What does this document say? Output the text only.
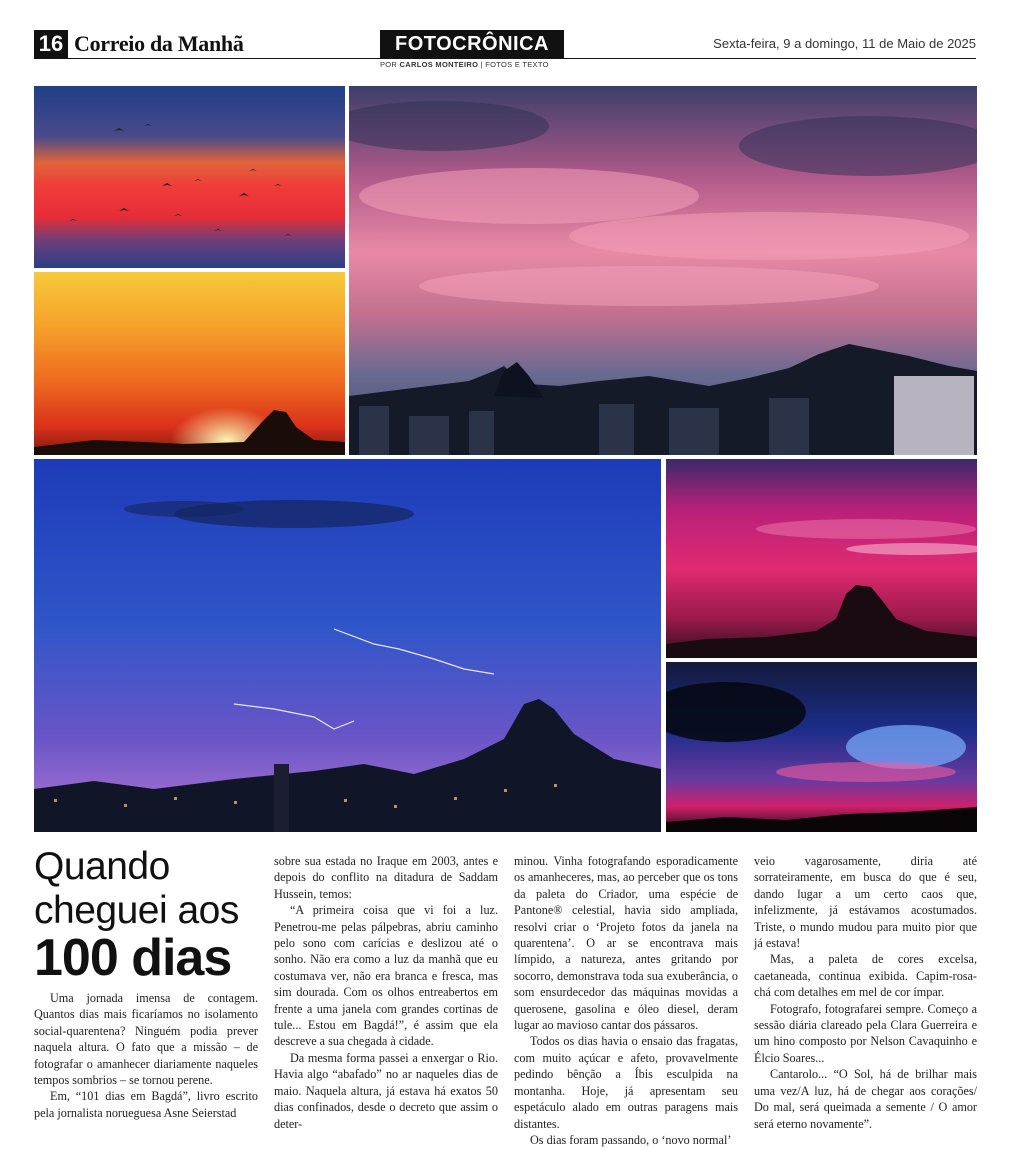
16 Correio da Manhã	FOTOCRÔNICA
POR CARLOS MONTEIRO | FOTOS E TEXTO
Sexta-feira, 9 a domingo, 11 de Maio de 2025
Quando
cheguei aos
100 dias

Uma jornada imensa de contagem. Quantos dias mais ficaríamos no isolamento social-quarentena? Ninguém podia prever naquela altura. O fato que a missão – de fotografar o amanhecer diariamente naqueles tempos sombrios – se tornou perene.

Em, “101 dias em Bagdá”, livro escrito pela jornalista norueguesa Asne Seierstad

sobre sua estada no Iraque em 2003, antes e depois do conflito na ditadura de Saddam Hussein, temos:

“A primeira coisa que vi foi a luz. Penetrou-me pelas pálpebras, abriu caminho pelo sono com carícias e deslizou até o sonho. Não era como a luz da manhã que eu costumava ver, não era branca e fresca, mas sim dourada. Com os olhos entreabertos em frente a uma janela com grandes cortinas de tule... Estou em Bagdá!”, é assim que ela descreve a sua chegada à cidade.

Da mesma forma passei a enxergar o Rio. Havia algo “abafado” no ar naqueles dias de maio. Naquela altura, já estava há exatos 50 dias confinados, desde o decreto que assim o deter-

minou. Vinha fotografando esporadicamente os amanheceres, mas, ao perceber que os tons da paleta do Criador, uma espécie de Pantone® celestial, havia sido ampliada, resolvi criar o ‘Projeto fotos da janela na quarentena’. O ar se encontrava mais límpido, a natureza, antes gritando por socorro, demonstrava toda sua exuberância, o som ensurdecedor das máquinas movidas a querosene, gasolina e óleo diesel, deram lugar ao mavioso cantar dos pássaros.

Todos os dias havia o ensaio das fragatas, com muito açúcar e afeto, provavelmente pedindo bênção a Íbis esculpida na montanha. Hoje, já apresentam seu espetáculo alado em outras paragens mais distantes.

Os dias foram passando, o ‘novo normal’

veio vagarosamente, diria até sorrateiramente, em busca do que é seu, dando lugar a um certo caos que, infelizmente, já estávamos acostumados. Triste, o mundo mudou para muito pior que já estava!

Mas, a paleta de cores excelsa, caetaneada, continua exibida. Capim-rosa-chá com detalhes em mel de cor ímpar.

Fotografo, fotografarei sempre. Começo a sessão diária clareado pela Clara Guerreira e um hino composto por Nelson Cavaquinho e Élcio Soares...

Cantarolo... “O Sol, há de brilhar mais uma vez/A luz, há de chegar aos corações/ Do mal, será queimada a semente / O amor será eterno novamente”.
